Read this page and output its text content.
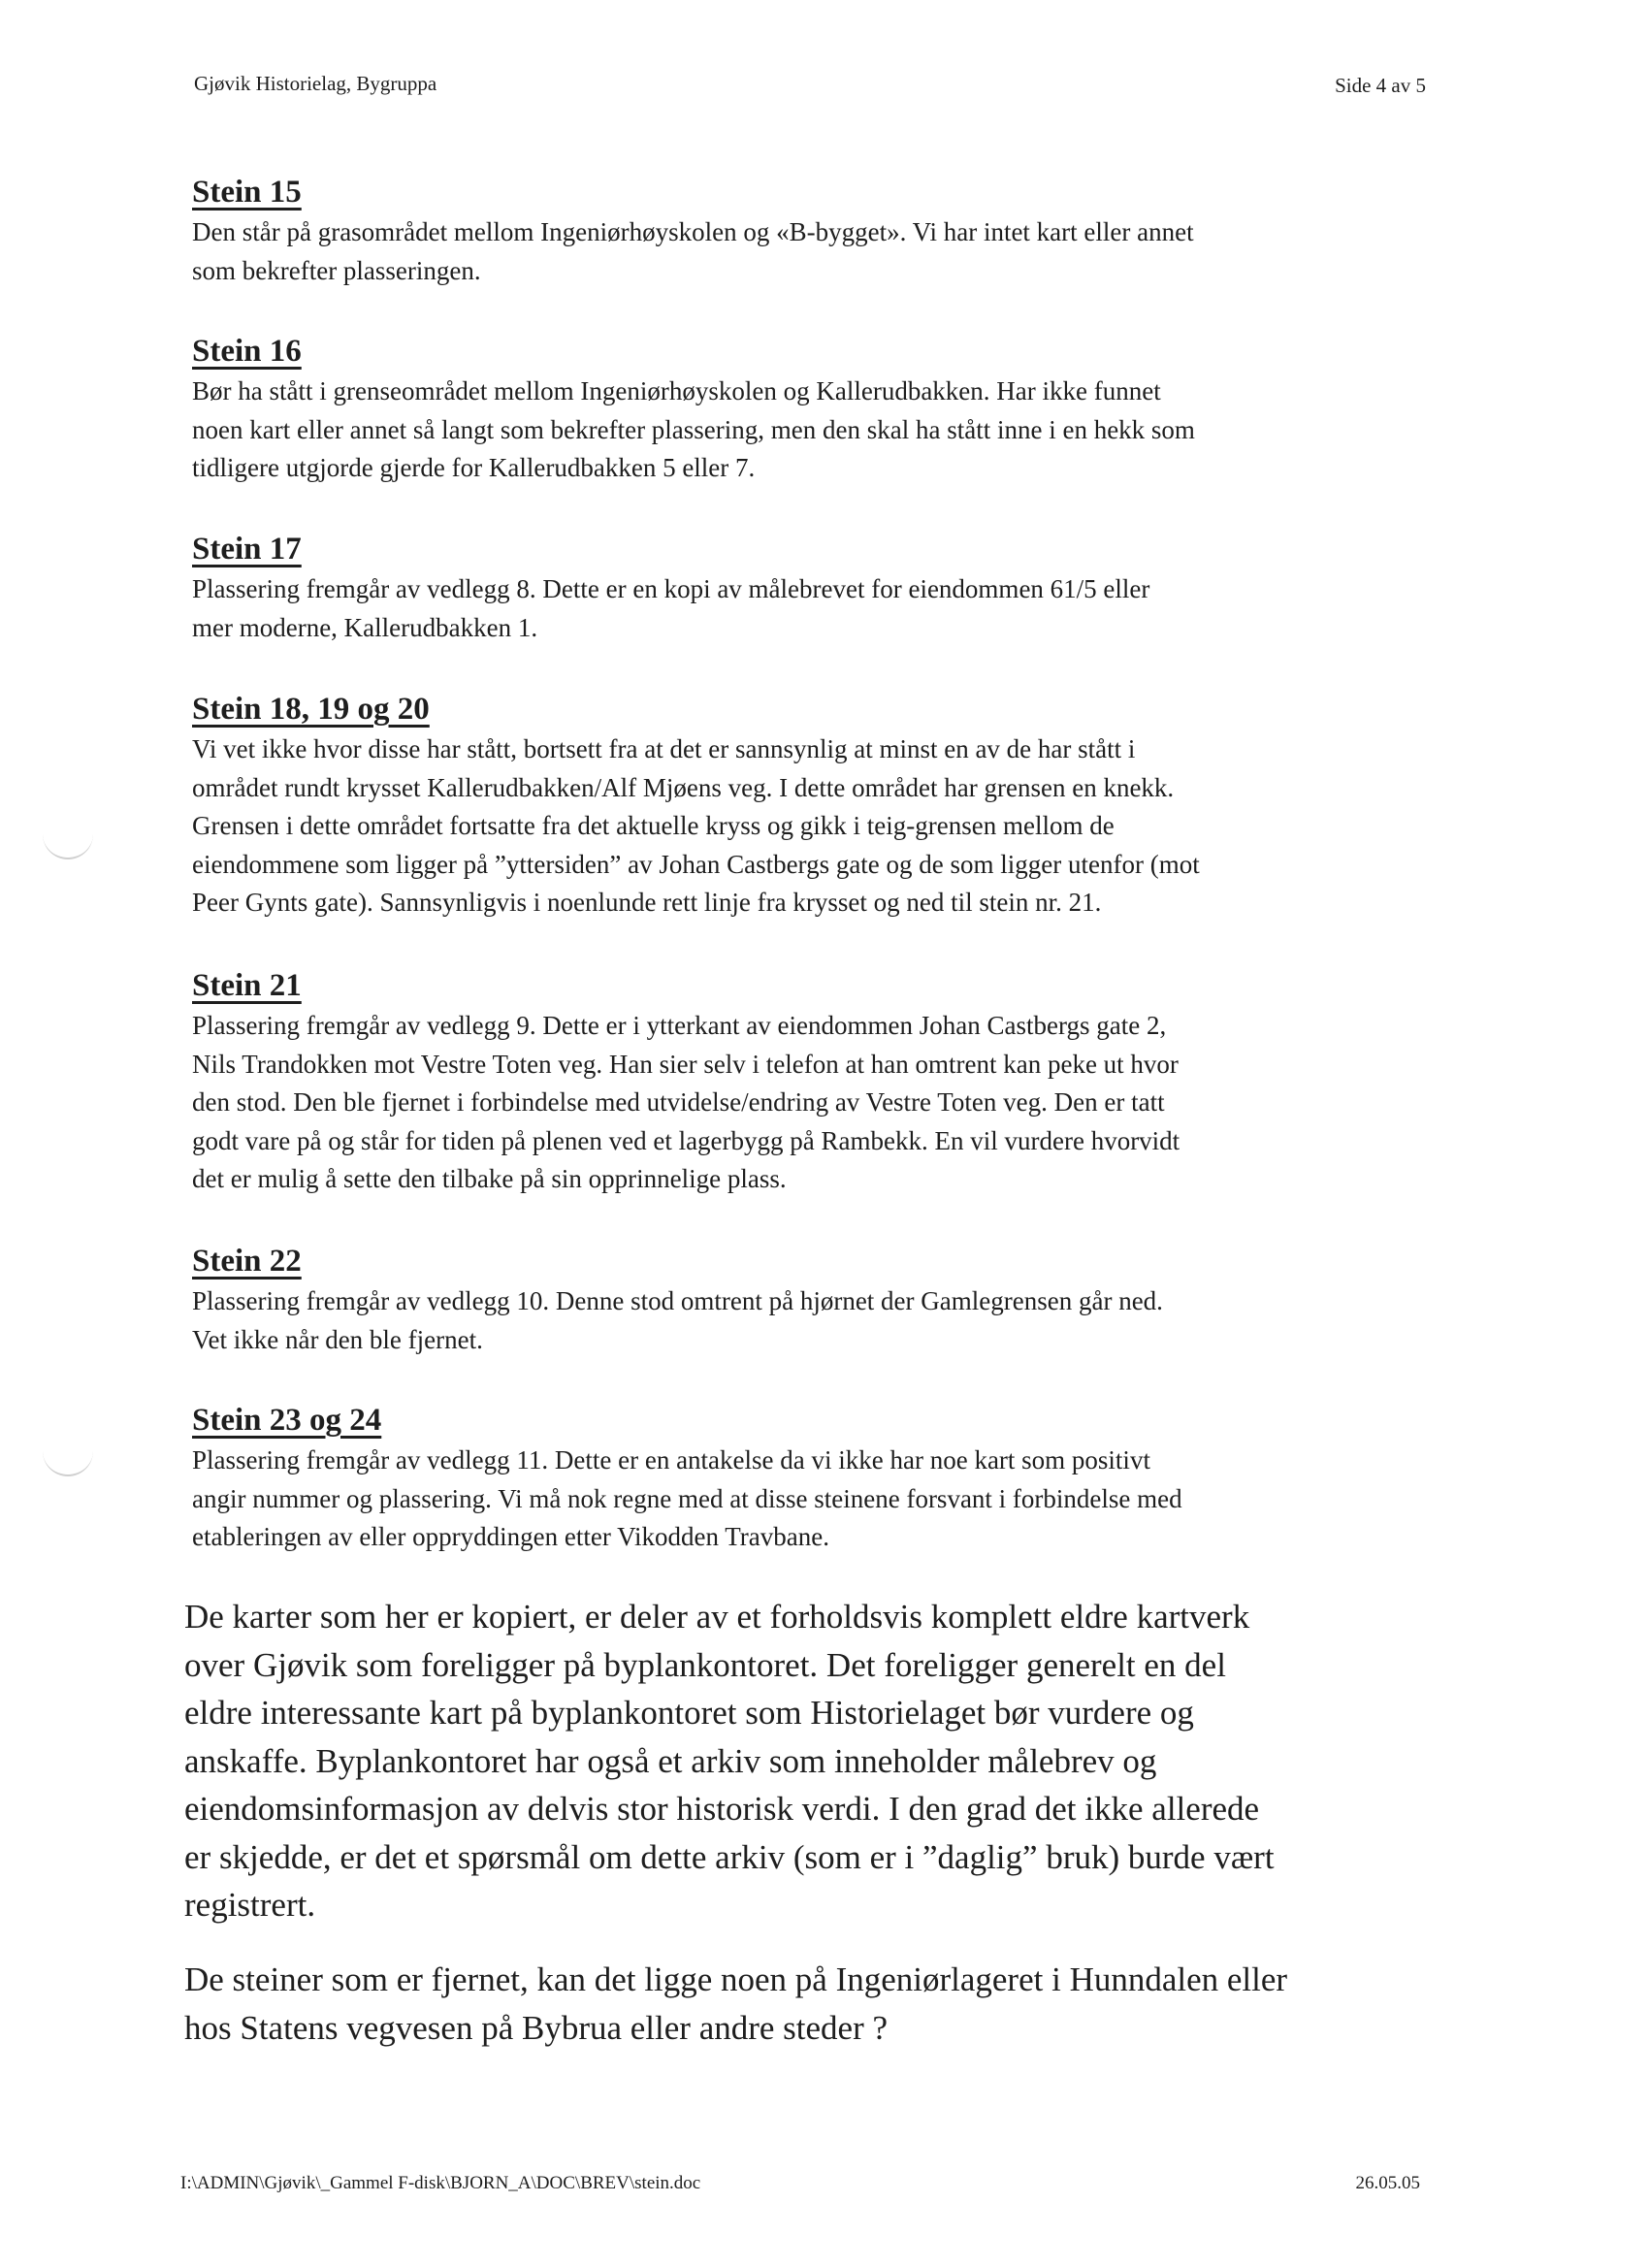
Gjøvik Historielag, Bygruppa	Side 4 av 5
Stein 15
Den står på grasområdet mellom Ingeniørhøyskolen og «B-bygget». Vi har intet kart eller annet
som bekrefter plasseringen.
Stein 16
Bør ha stått i grenseområdet mellom Ingeniørhøyskolen og Kallerudbakken. Har ikke funnet
noen kart eller annet så langt som bekrefter plassering, men den skal ha stått inne i en hekk som
tidligere utgjorde gjerde for Kallerudbakken 5 eller 7.
Stein 17
Plassering fremgår av vedlegg 8. Dette er en kopi av målebrevet for eiendommen 61/5 eller
mer moderne, Kallerudbakken 1.
Stein 18, 19 og 20
Vi vet ikke hvor disse har stått, bortsett fra at det er sannsynlig at minst en av de har stått i
området rundt krysset Kallerudbakken/Alf Mjøens veg. I dette området har grensen en knekk.
Grensen i dette området fortsatte fra det aktuelle kryss og gikk i teig-grensen mellom de
eiendommene som ligger på ”yttersiden” av Johan Castbergs gate og de som ligger utenfor (mot
Peer Gynts gate). Sannsynligvis i noenlunde rett linje fra krysset og ned til stein nr. 21.
Stein 21
Plassering fremgår av vedlegg 9. Dette er i ytterkant av eiendommen Johan Castbergs gate 2,
Nils Trandokken mot Vestre Toten veg. Han sier selv i telefon at han omtrent kan peke ut hvor
den stod. Den ble fjernet i forbindelse med utvidelse/endring av Vestre Toten veg. Den er tatt
godt vare på og står for tiden på plenen ved et lagerbygg på Rambekk. En vil vurdere hvorvidt
det er mulig å sette den tilbake på sin opprinnelige plass.
Stein 22
Plassering fremgår av vedlegg 10. Denne stod omtrent på hjørnet der Gamlegrensen går ned.
Vet ikke når den ble fjernet.
Stein 23 og 24
Plassering fremgår av vedlegg 11. Dette er en antakelse da vi ikke har noe kart som positivt
angir nummer og plassering. Vi må nok regne med at disse steinene forsvant i forbindelse med
etableringen av eller oppryddingen etter Vikodden Travbane.
De karter som her er kopiert, er deler av et forholdsvis komplett eldre kartverk
over Gjøvik som foreligger på byplankontoret. Det foreligger generelt en del
eldre interessante kart på byplankontoret som Historielaget bør vurdere og
anskaffe. Byplankontoret har også et arkiv som inneholder målebrev og
eiendomsinformasjon av delvis stor historisk verdi. I den grad det ikke allerede
er skjedde, er det et spørsmål om dette arkiv (som er i ”daglig” bruk) burde vært
registrert.
De steiner som er fjernet, kan det ligge noen på Ingeniørlageret i Hunndalen eller
hos Statens vegvesen på Bybrua eller andre steder ?
I:\ADMIN\Gjøvik\_Gammel F-disk\BJORN_A\DOC\BREV\stein.doc	26.05.05
